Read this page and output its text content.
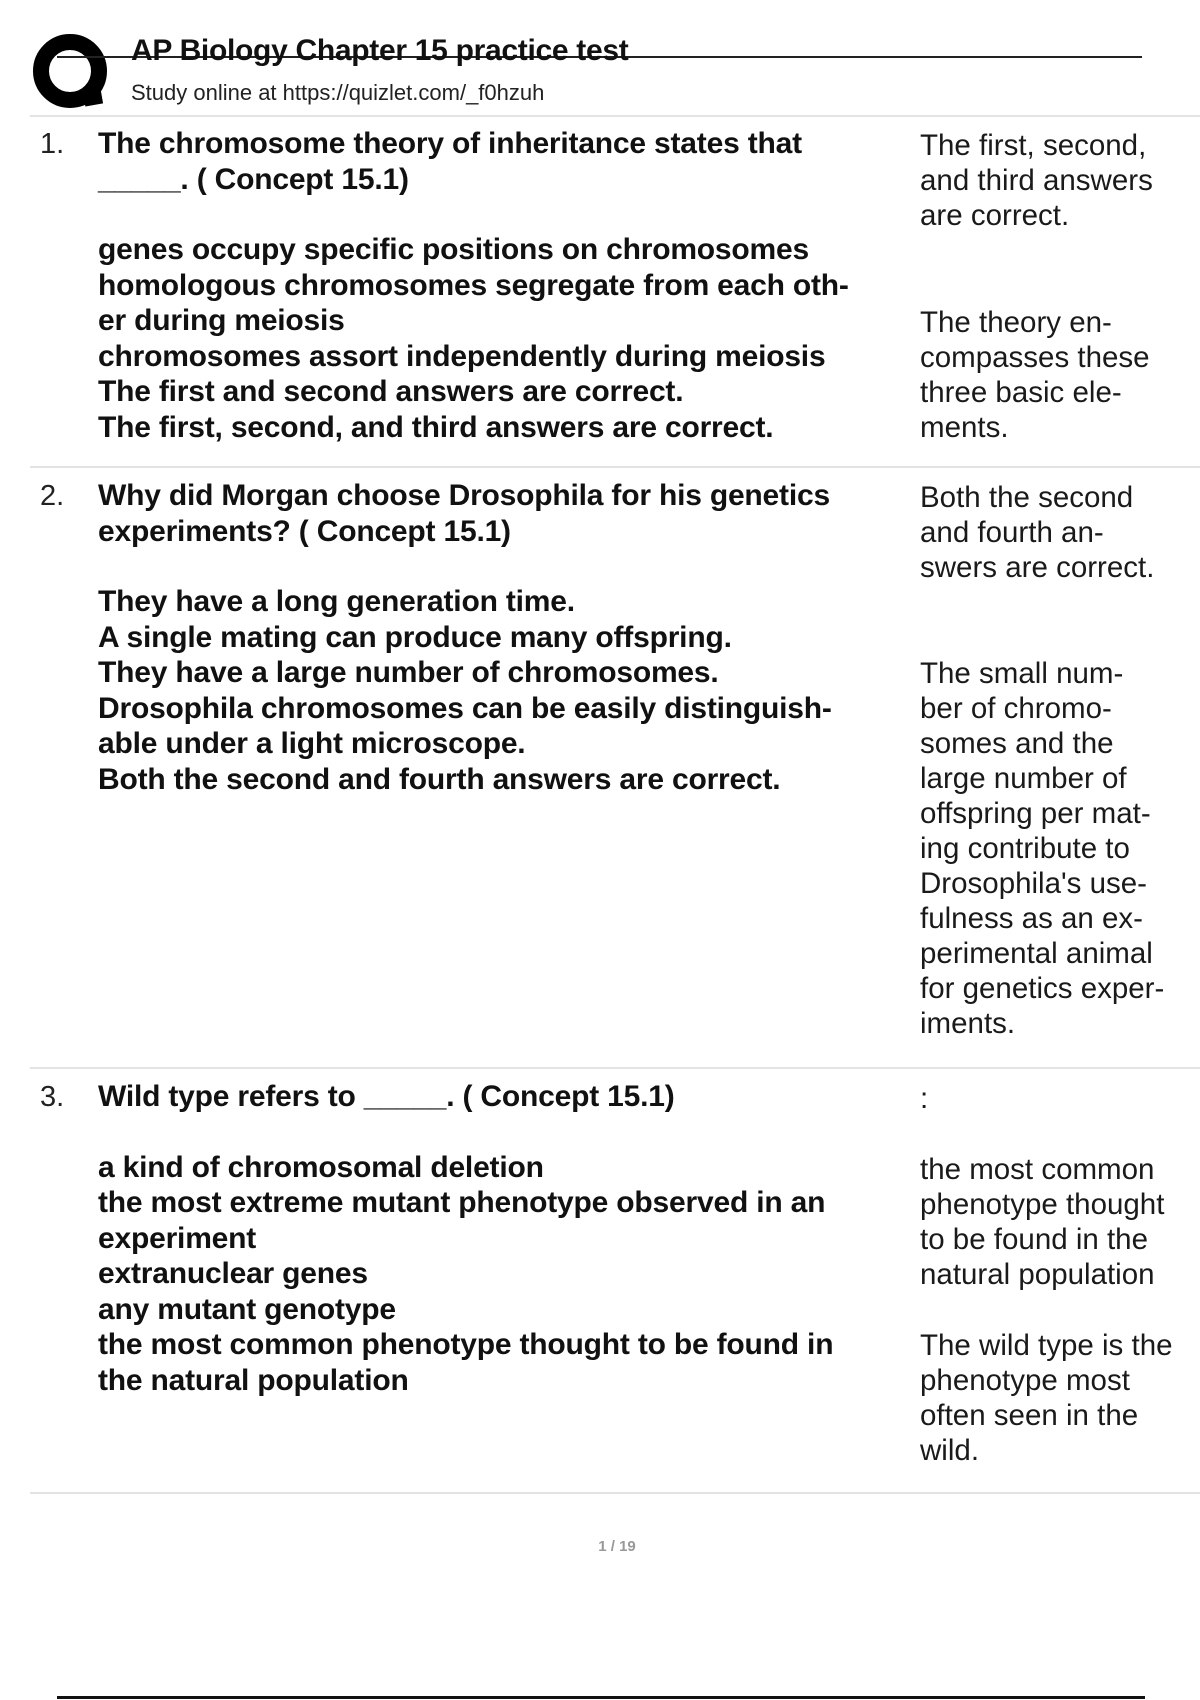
AP Biology Chapter 15 practice test
Study online at https://quizlet.com/_f0hzuh
1. The chromosome theory of inheritance states that

_____. ( Concept 15.1)

genes occupy specific positions on chromosomes

homologous chromosomes segregate from each oth-

er during meiosis

chromosomes assort independently during meiosis

The first and second answers are correct.

The first, second, and third answers are correct.

The first, second,

and third answers

are correct.

The theory en-

compasses these

three basic ele-

ments.

2. Why did Morgan choose Drosophila for his genetics

experiments? ( Concept 15.1)

They have a long generation time.

A single mating can produce many offspring.

They have a large number of chromosomes.

Drosophila chromosomes can be easily distinguish-

able under a light microscope.

Both the second and fourth answers are correct.

Both the second

and fourth an-

swers are correct.

The small num-

ber of chromo-

somes and the

large number of

offspring per mat-

ing contribute to

Drosophila's use-

fulness as an ex-

perimental animal

for genetics exper-

iments.

3. Wild type refers to _____. ( Concept 15.1)

a kind of chromosomal deletion

the most extreme mutant phenotype observed in an

experiment

extranuclear genes

any mutant genotype

the most common phenotype thought to be found in

the natural population

:

the most common

phenotype thought

to be found in the

natural population

The wild type is the

phenotype most

often seen in the

wild.

1 / 19
